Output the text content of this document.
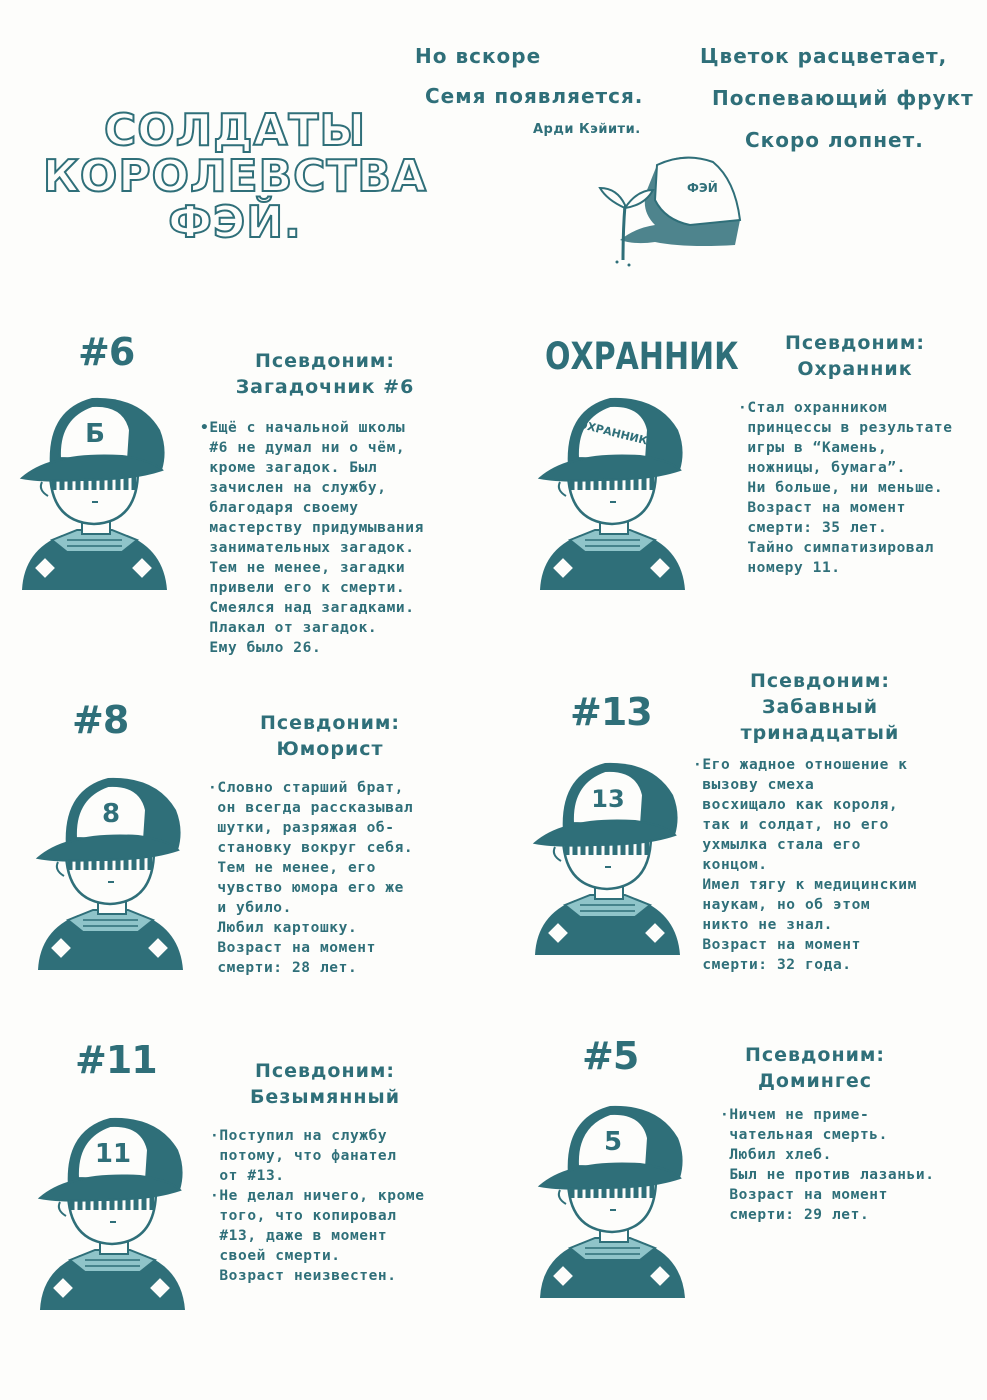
СОЛДАТЫ
КОРОЛЕВСТВА
ФЭЙ.
Но вскоре
Семя появляется.
Арди Кэйити.
Цветок расцветает,
Поспевающий фрукт
Скоро лопнет.
ФЭЙ
#6
Б
Псевдоним:
Загадочник #6
•Ещё с начальной школы
#6 не думал ни о чём,
кроме загадок. Был
зачислен на службу,
благодаря своему
мастерству придумывания
занимательных загадок.
Тем не менее, загадки
привели его к смерти.
Смеялся над загадками.
Плакал от загадок.
Ему было 26.
ОХРАННИК
ОХРАННИК
Псевдоним:
Охранник
·Стал охранником
принцессы в результате
игры в “Камень,
ножницы, бумага”.
Ни больше, ни меньше.
Возраст на момент
смерти: 35 лет.
Тайно симпатизировал
номеру 11.
#8
8
Псевдоним:
Юморист
·Словно старший брат,
он всегда рассказывал
шутки, разряжая об-
становку вокруг себя.
Тем не менее, его
чувство юмора его же
и убило.
Любил картошку.
Возраст на момент
смерти: 28 лет.
#13
13
Псевдоним:
Забавный
тринадцатый
·Его жадное отношение к
вызову смеха
восхищало как короля,
так и солдат, но его
ухмылка стала его
концом.
Имел тягу к медицинским
наукам, но об этом
никто не знал.
Возраст на момент
смерти: 32 года.
#11
11
Псевдоним:
Безымянный
·Поступил на службу
потому, что фанател
от #13.
·Не делал ничего, кроме
того, что копировал
#13, даже в момент
своей смерти.
Возраст неизвестен.
#5
5
Псевдоним:
Домингес
·Ничем не приме-
чательная смерть.
Любил хлеб.
Был не против лазаньи.
Возраст на момент
смерти: 29 лет.
